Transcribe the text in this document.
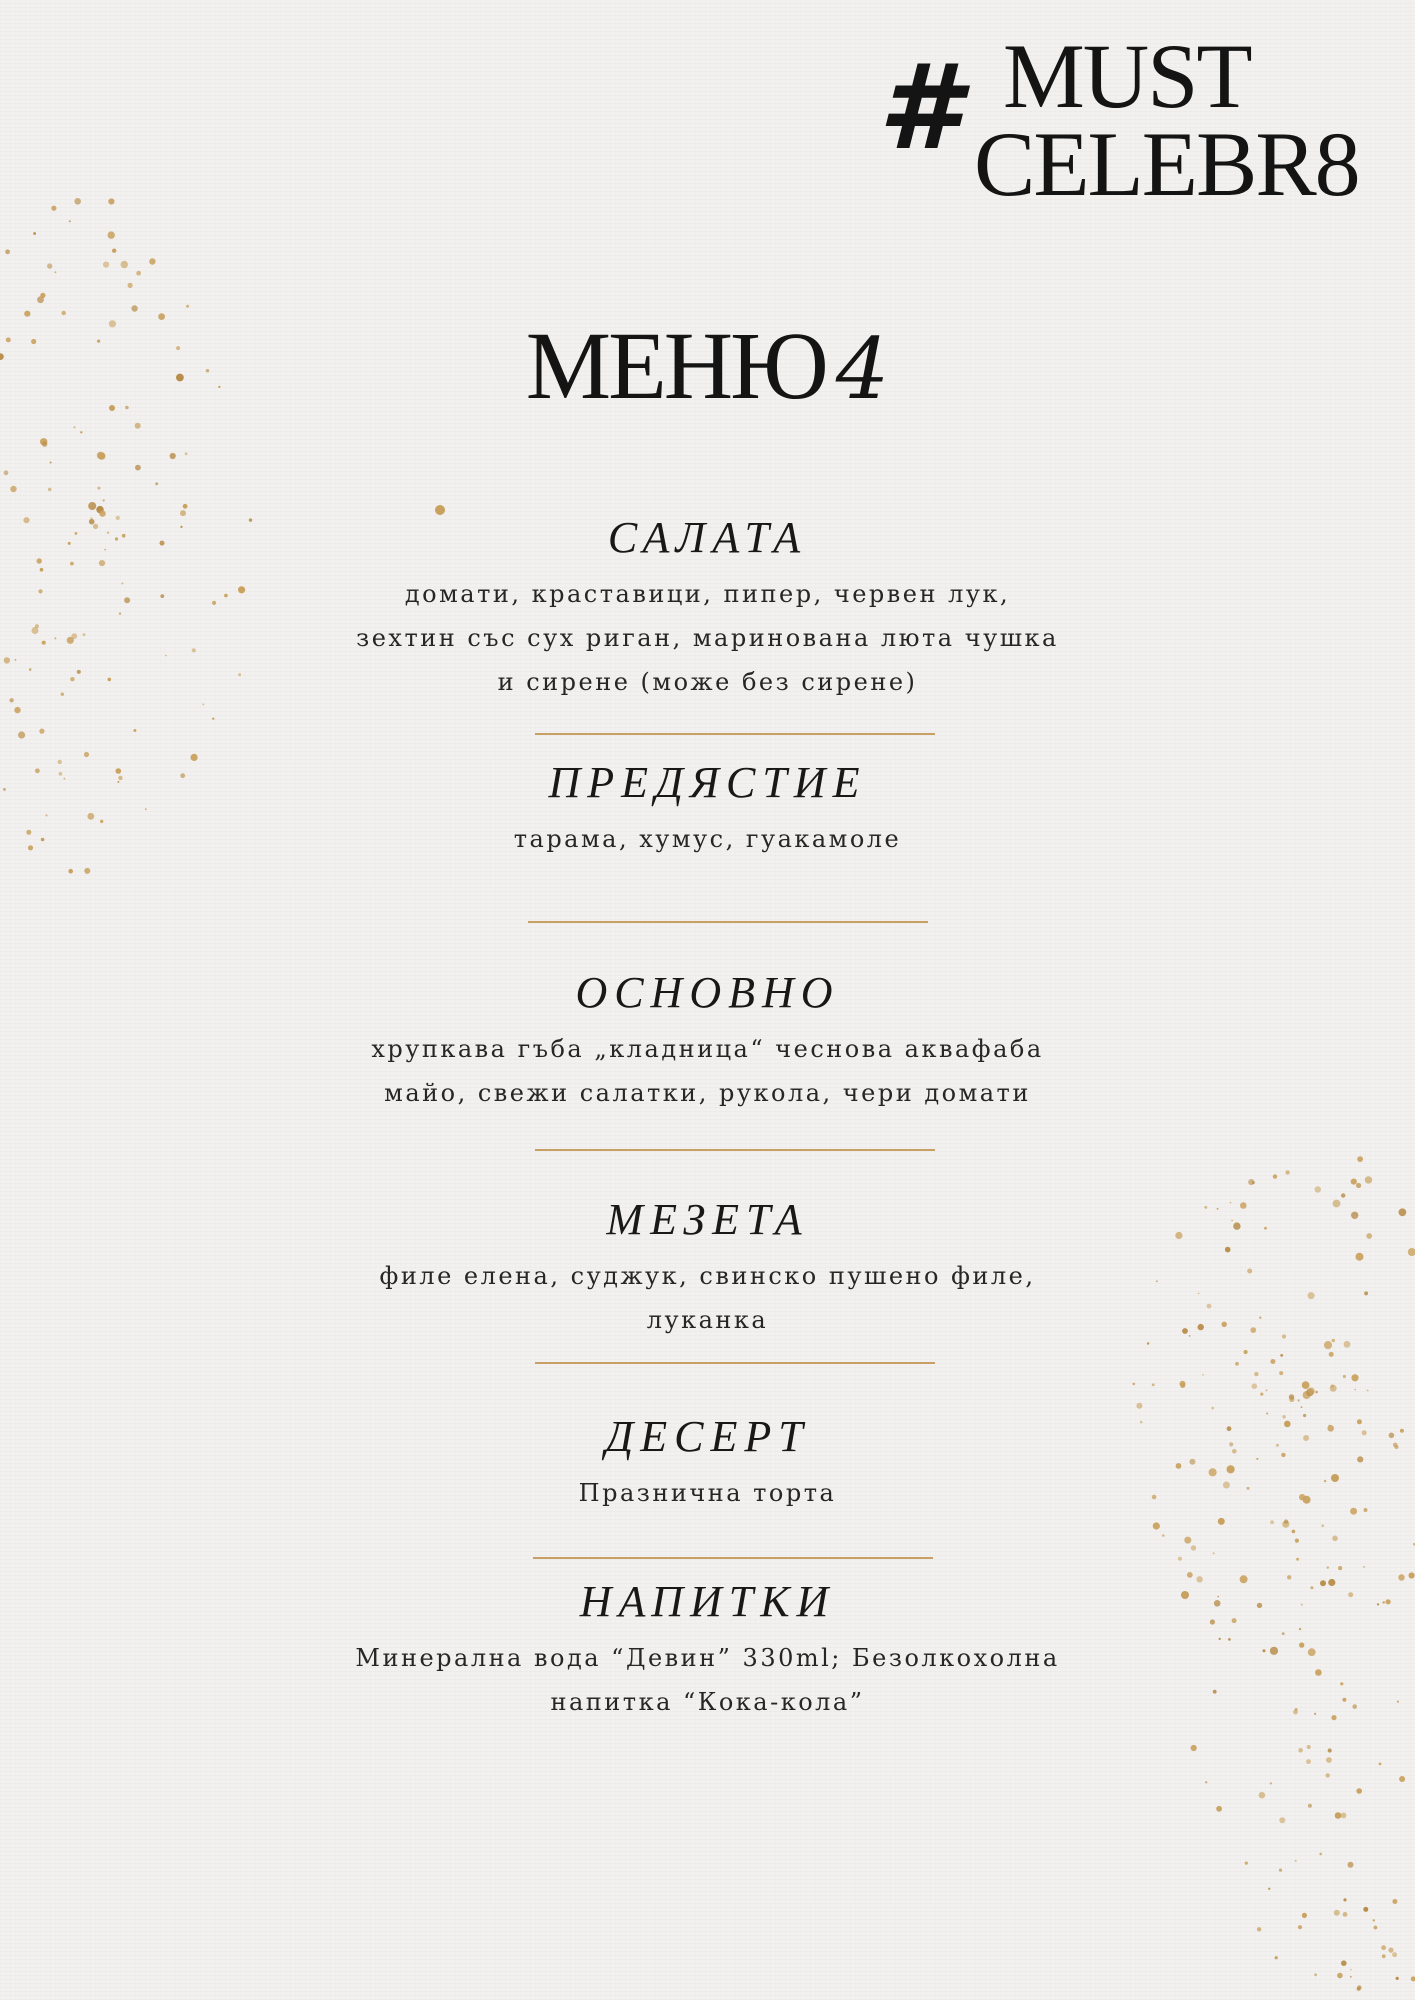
# MUST
CELEBR8
МЕНЮ 4
САЛАТА
домати, краставици, пипер, червен лук,
зехтин със сух риган, маринована люта чушка
и сирене (може без сирене)
ПРЕДЯСТИЕ
тарама, хумус, гуакамоле
ОСНОВНО
хрупкава гъба „кладница“ чеснова аквафаба
майо, свежи салатки, рукола, чери домати
МЕЗЕТА
филе елена, суджук, свинско пушено филе,
луканка
ДЕСЕРТ
Празнична торта
НАПИТКИ
Минерална вода “Девин” 330ml; Безолкохолна
напитка “Кока-кола”
